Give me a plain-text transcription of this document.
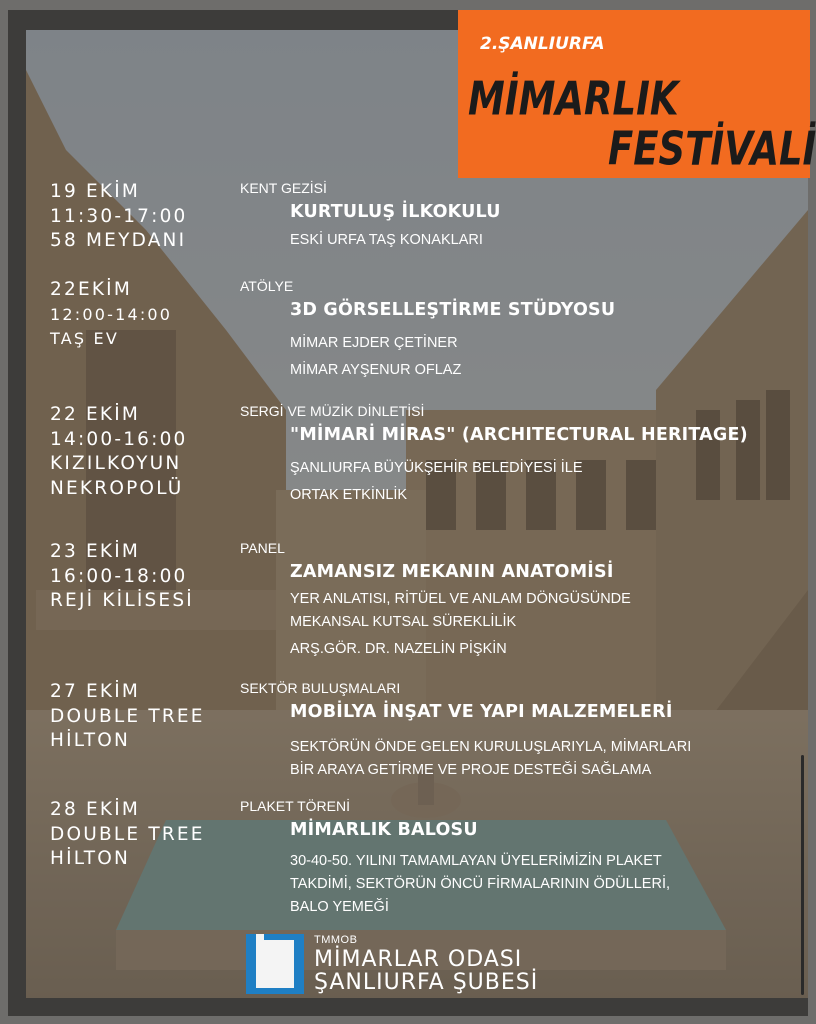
2.ŞANLIURFA
MİMARLIK
FESTİVALİ
19 EKİM
11:30-17:00
58 MEYDANI
KENT GEZİSİ
KURTULUŞ İLKOKULU
ESKİ URFA TAŞ KONAKLARI
22EKİM
12:00-14:00
TAŞ EV
ATÖLYE
3D GÖRSELLEŞTİRME STÜDYOSU
MİMAR EJDER ÇETİNER
MİMAR AYŞENUR OFLAZ
22 EKİM
14:00-16:00
KIZILKOYUN
NEKROPOLÜ
SERGİ VE MÜZİK DİNLETİSİ
"MİMARİ MİRAS" (ARCHITECTURAL HERITAGE)
ŞANLIURFA BÜYÜKŞEHİR BELEDİYESİ İLE
ORTAK ETKİNLİK
23 EKİM
16:00-18:00
REJİ KİLİSESİ
PANEL
ZAMANSIZ MEKANIN ANATOMİSİ
YER ANLATISI, RİTÜEL VE ANLAM DÖNGÜSÜNDE
MEKANSAL KUTSAL SÜREKLİLİK
ARŞ.GÖR. DR. NAZELİN PİŞKİN
27 EKİM
DOUBLE TREE
HİLTON
SEKTÖR BULUŞMALARI
MOBİLYA İNŞAT VE YAPI MALZEMELERİ
SEKTÖRÜN ÖNDE GELEN KURULUŞLARIYLA, MİMARLARI
BİR ARAYA GETİRME VE PROJE DESTEĞİ SAĞLAMA
28 EKİM
DOUBLE TREE
HİLTON
PLAKET TÖRENİ
MİMARLIK BALOSU
30-40-50. YILINI TAMAMLAYAN ÜYELERİMİZİN PLAKET
TAKDİMİ, SEKTÖRÜN ÖNCÜ FİRMALARININ ÖDÜLLERİ,
BALO YEMEĞİ
TMMOB
MİMARLAR ODASI
ŞANLIURFA ŞUBESİ
